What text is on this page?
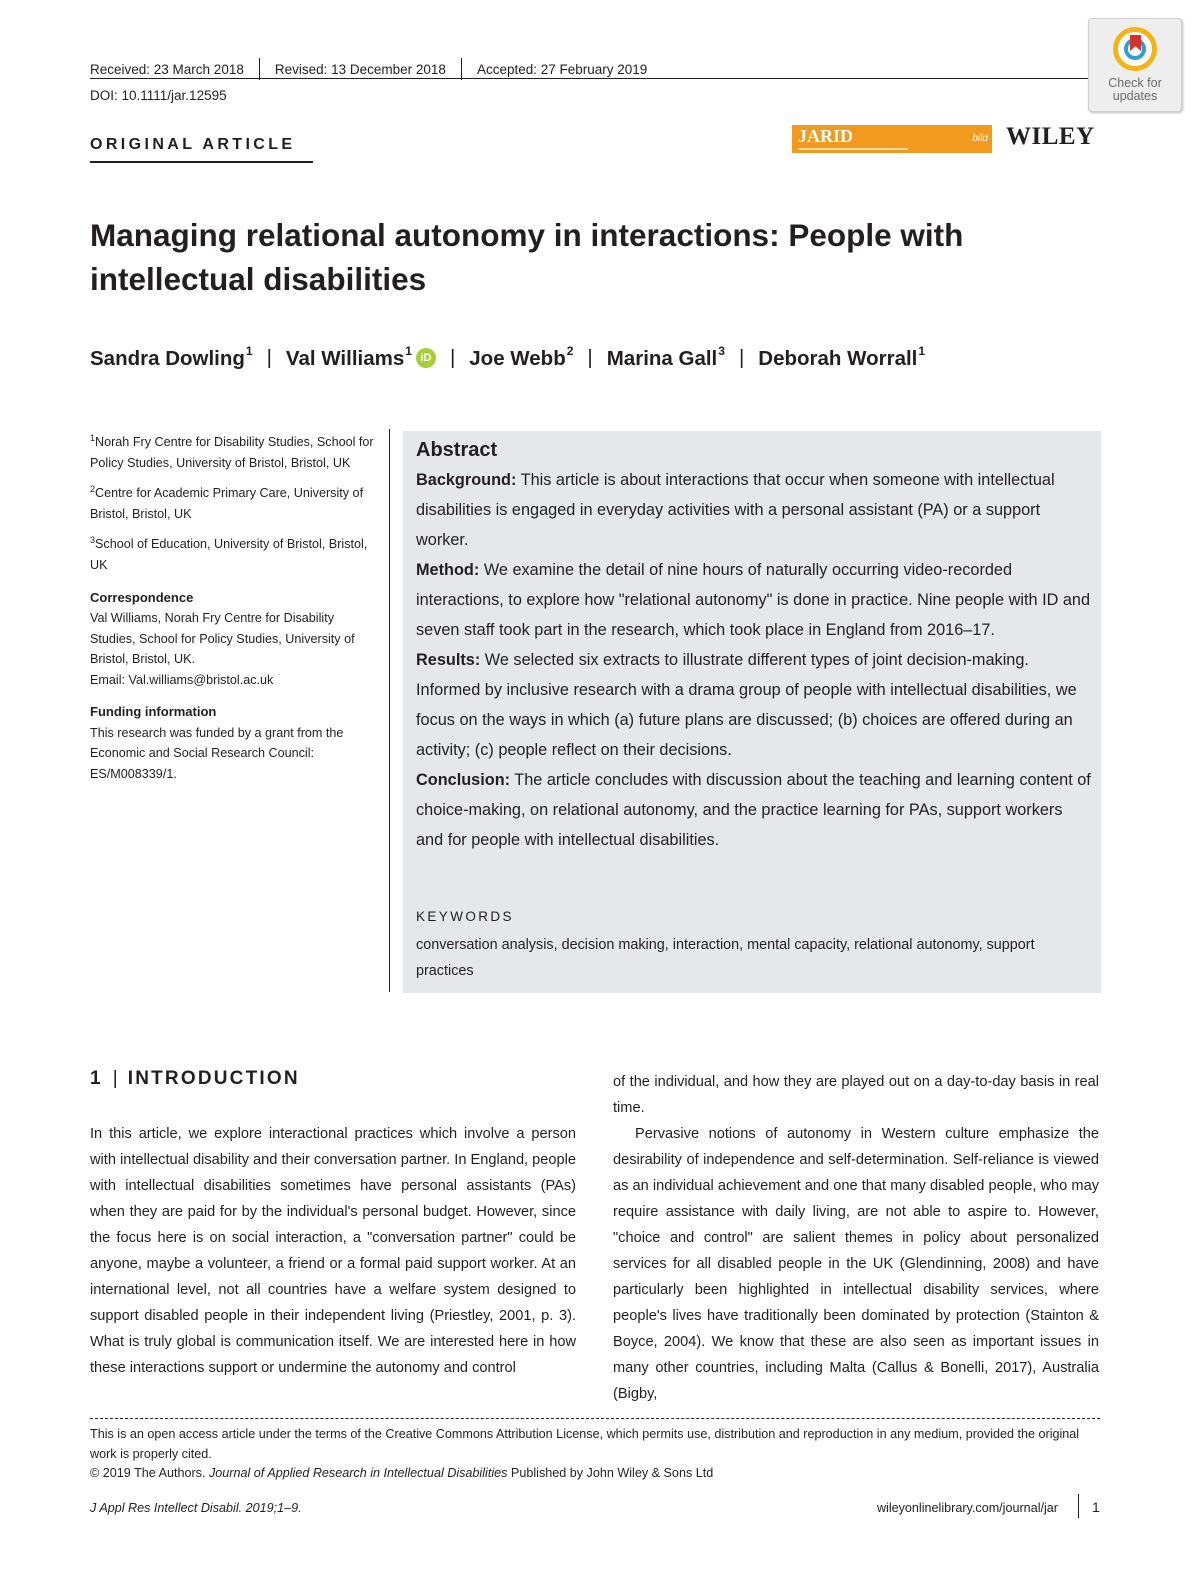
Received: 23 March 2018 Revised: 13 December 2018 Accepted: 27 February 2019
DOI: 10.1111/jar.12595
Check for
updates
ORIGINAL ARTICLE	JARID	bild WILEY
Managing relational autonomy in interactions: People with intellectual disabilities
Sandra Dowling$^1$ | Val Williams$^1$
iD | Joe Webb$^2$ | Marina Gall$^3$ | Deborah Worrall$^1$

$^1$Norah Fry Centre for Disability Studies, School for Policy Studies, University of Bristol, Bristol, UK

$^2$Centre for Academic Primary Care, University of Bristol, Bristol, UK

$^3$School of Education, University of Bristol, Bristol, UK

Correspondence

Val Williams, Norah Fry Centre for Disability Studies, School for Policy Studies, University of Bristol, Bristol, UK.

Email: Val.williams@bristol.ac.uk

Funding information

This research was funded by a grant from the Economic and Social Research Council: ES/M008339/1.

Abstract

Background: This article is about interactions that occur when someone with intellectual disabilities is engaged in everyday activities with a personal assistant (PA) or a support worker.

Method: We examine the detail of nine hours of naturally occurring video-recorded interactions, to explore how "relational autonomy" is done in practice. Nine people with ID and seven staff took part in the research, which took place in England from 2016–17.

Results: We selected six extracts to illustrate different types of joint decision-making. Informed by inclusive research with a drama group of people with intellectual disabilities, we focus on the ways in which (a) future plans are discussed; (b) choices are offered during an activity; (c) people reflect on their decisions.

Conclusion: The article concludes with discussion about the teaching and learning content of choice-making, on relational autonomy, and the practice learning for PAs, support workers and for people with intellectual disabilities.

KEYWORDS
conversation analysis, decision making, interaction, mental capacity, relational autonomy, support practices
1 | INTRODUCTION

In this article, we explore interactional practices which involve a person with intellectual disability and their conversation partner. In England, people with intellectual disabilities sometimes have personal assistants (PAs) when they are paid for by the individual's personal budget. However, since the focus here is on social interaction, a "conversation partner" could be anyone, maybe a volunteer, a friend or a formal paid support worker. At an international level, not all countries have a welfare system designed to support disabled people in their independent living (Priestley, 2001, p. 3). What is truly global is communication itself. We are interested here in how these interactions support or undermine the autonomy and control

of the individual, and how they are played out on a day-to-day basis in real time.

Pervasive notions of autonomy in Western culture emphasize the desirability of independence and self-determination. Self-reliance is viewed as an individual achievement and one that many disabled people, who may require assistance with daily living, are not able to aspire to. However, "choice and control" are salient themes in policy about personalized services for all disabled people in the UK (Glendinning, 2008) and have particularly been highlighted in intellectual disability services, where people's lives have traditionally been dominated by protection (Stainton & Boyce, 2004). We know that these are also seen as important issues in many other countries, including Malta (Callus & Bonelli, 2017), Australia (Bigby,

This is an open access article under the terms of the Creative Commons Attribution License, which permits use, distribution and reproduction in any medium, provided the original work is properly cited.

© 2019 The Authors. Journal of Applied Research in Intellectual Disabilities Published by John Wiley & Sons Ltd

J Appl Res Intellect Disabil. 2019;1–9.	wileyonlinelibrary.com/journal/jar 1
